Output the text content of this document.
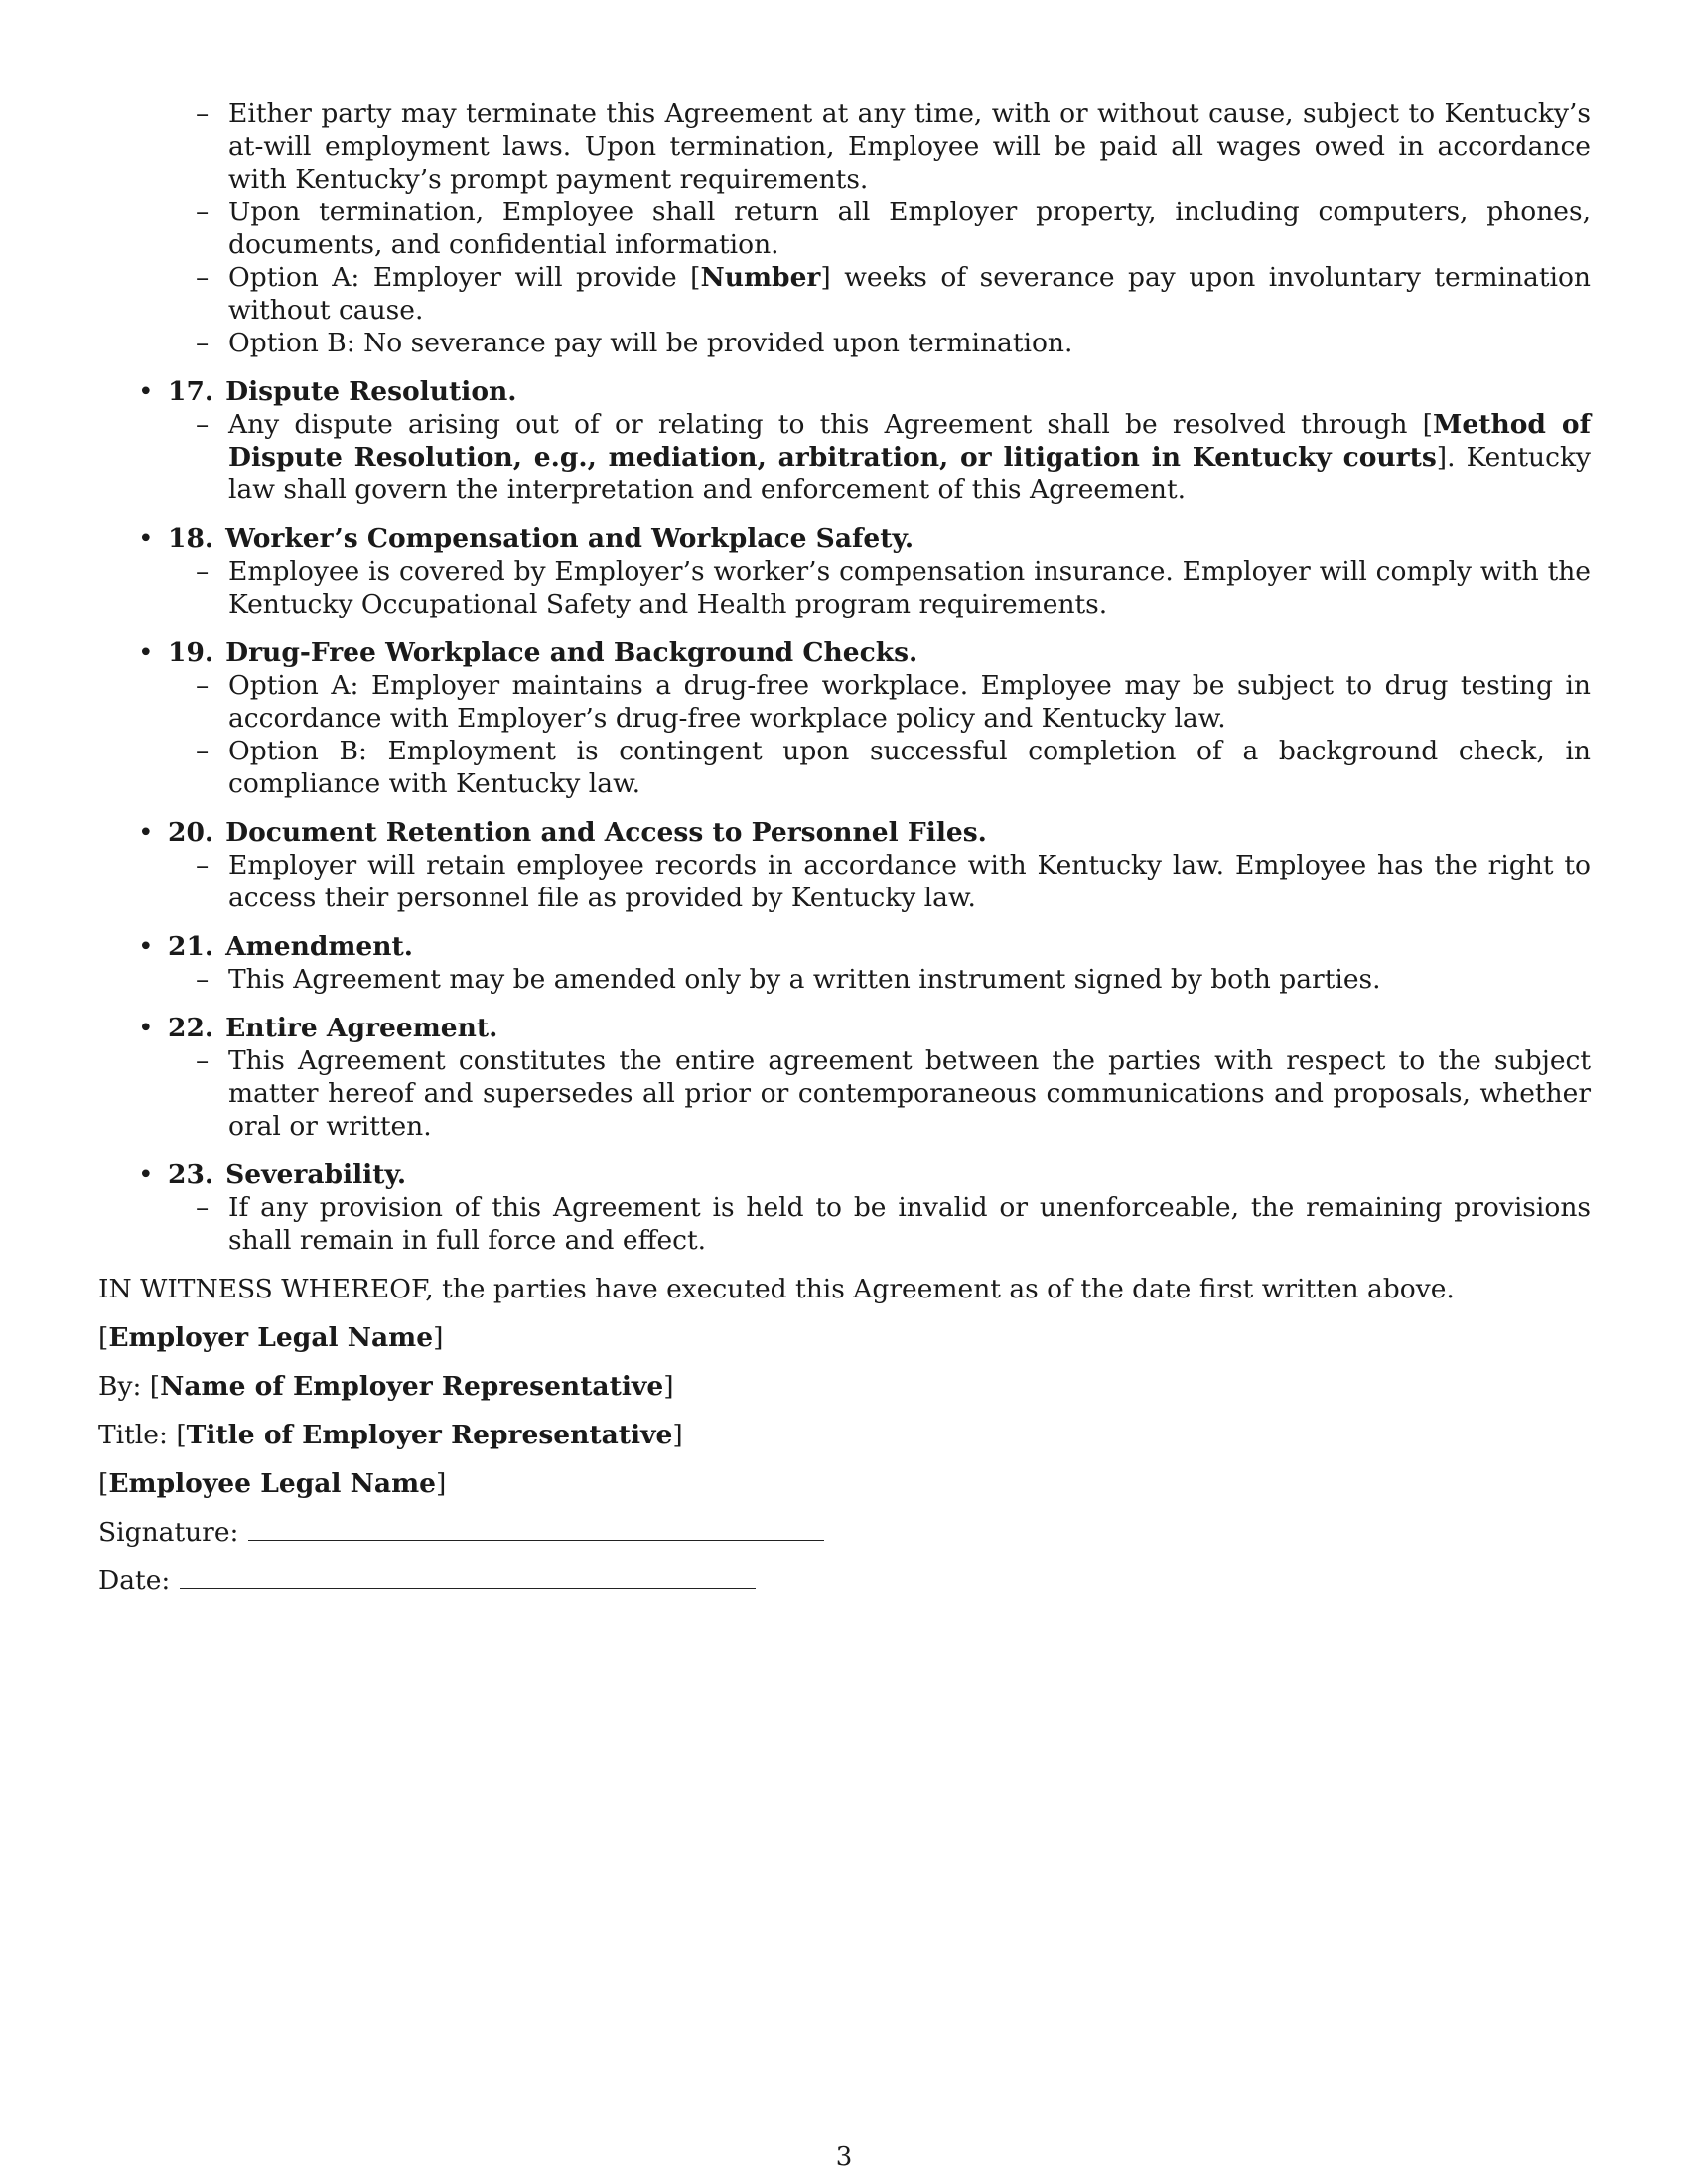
– Either party may terminate this Agreement at any time, with or without cause, subject to Kentucky’s at-will employment laws. Upon termination, Employee will be paid all wages owed in accordance with Kentucky’s prompt payment requirements.
– Upon termination, Employee shall return all Employer property, including computers, phones, documents, and confidential information.
– Option A: Employer will provide [Number] weeks of severance pay upon involuntary termination without cause.
– Option B: No severance pay will be provided upon termination.
• 17. Dispute Resolution.
– Any dispute arising out of or relating to this Agreement shall be resolved through [Method of Dispute Resolution, e.g., mediation, arbitration, or litigation in Kentucky courts]. Kentucky law shall govern the interpretation and enforcement of this Agreement.
• 18. Worker’s Compensation and Workplace Safety.
– Employee is covered by Employer’s worker’s compensation insurance. Employer will comply with the Kentucky Occupational Safety and Health program requirements.
• 19. Drug-Free Workplace and Background Checks.
– Option A: Employer maintains a drug-free workplace. Employee may be subject to drug testing in accordance with Employer’s drug-free workplace policy and Kentucky law.
– Option B: Employment is contingent upon successful completion of a background check, in compliance with Kentucky law.
• 20. Document Retention and Access to Personnel Files.
– Employer will retain employee records in accordance with Kentucky law. Employee has the right to access their personnel file as provided by Kentucky law.
• 21. Amendment.
– This Agreement may be amended only by a written instrument signed by both parties.
• 22. Entire Agreement.
– This Agreement constitutes the entire agreement between the parties with respect to the subject matter hereof and supersedes all prior or contemporaneous communications and proposals, whether oral or written.
• 23. Severability.
– If any provision of this Agreement is held to be invalid or unenforceable, the remaining provisions shall remain in full force and effect.

IN WITNESS WHEREOF, the parties have executed this Agreement as of the date first written above.

[Employer Legal Name]

By: [Name of Employer Representative]

Title: [Title of Employer Representative]

[Employee Legal Name]

Signature:

Date:

3
